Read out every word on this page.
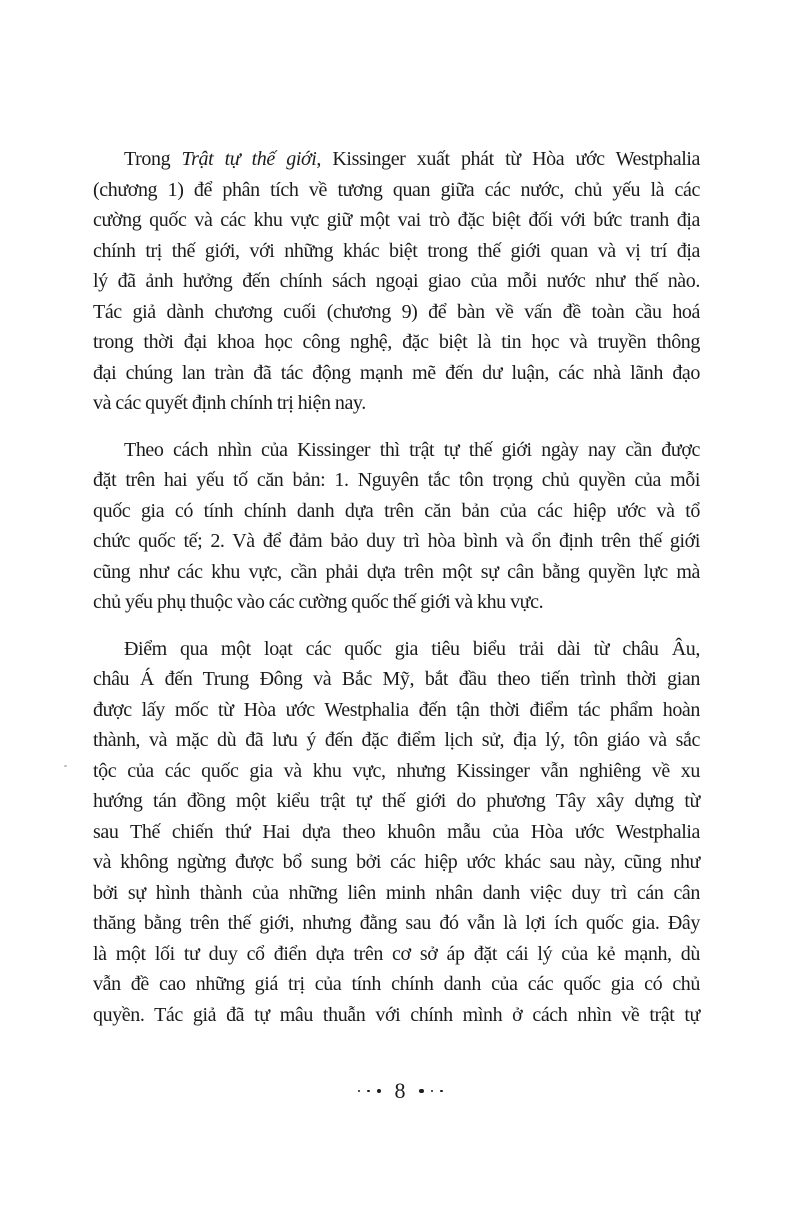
Trong Trật tự thế giới, Kissinger xuất phát từ Hòa ước Westphalia
(chương 1) để phân tích về tương quan giữa các nước, chủ yếu là các
cường quốc và các khu vực giữ một vai trò đặc biệt đối với bức tranh địa
chính trị thế giới, với những khác biệt trong thế giới quan và vị trí địa
lý đã ảnh hưởng đến chính sách ngoại giao của mỗi nước như thế nào.
Tác giả dành chương cuối (chương 9) để bàn về vấn đề toàn cầu hoá
trong thời đại khoa học công nghệ, đặc biệt là tin học và truyền thông
đại chúng lan tràn đã tác động mạnh mẽ đến dư luận, các nhà lãnh đạo
và các quyết định chính trị hiện nay.
Theo cách nhìn của Kissinger thì trật tự thế giới ngày nay cần được
đặt trên hai yếu tố căn bản: 1. Nguyên tắc tôn trọng chủ quyền của mỗi
quốc gia có tính chính danh dựa trên căn bản của các hiệp ước và tổ
chức quốc tế; 2. Và để đảm bảo duy trì hòa bình và ổn định trên thế giới
cũng như các khu vực, cần phải dựa trên một sự cân bằng quyền lực mà
chủ yếu phụ thuộc vào các cường quốc thế giới và khu vực.
Điểm qua một loạt các quốc gia tiêu biểu trải dài từ châu Âu,
châu Á đến Trung Đông và Bắc Mỹ, bắt đầu theo tiến trình thời gian
được lấy mốc từ Hòa ước Westphalia đến tận thời điểm tác phẩm hoàn
thành, và mặc dù đã lưu ý đến đặc điểm lịch sử, địa lý, tôn giáo và sắc
tộc của các quốc gia và khu vực, nhưng Kissinger vẫn nghiêng về xu
hướng tán đồng một kiểu trật tự thế giới do phương Tây xây dựng từ
sau Thế chiến thứ Hai dựa theo khuôn mẫu của Hòa ước Westphalia
và không ngừng được bổ sung bởi các hiệp ước khác sau này, cũng như
bởi sự hình thành của những liên minh nhân danh việc duy trì cán cân
thăng bằng trên thế giới, nhưng đằng sau đó vẫn là lợi ích quốc gia. Đây
là một lối tư duy cổ điển dựa trên cơ sở áp đặt cái lý của kẻ mạnh, dù
vẫn đề cao những giá trị của tính chính danh của các quốc gia có chủ
quyền. Tác giả đã tự mâu thuẫn với chính mình ở cách nhìn về trật tự
8
